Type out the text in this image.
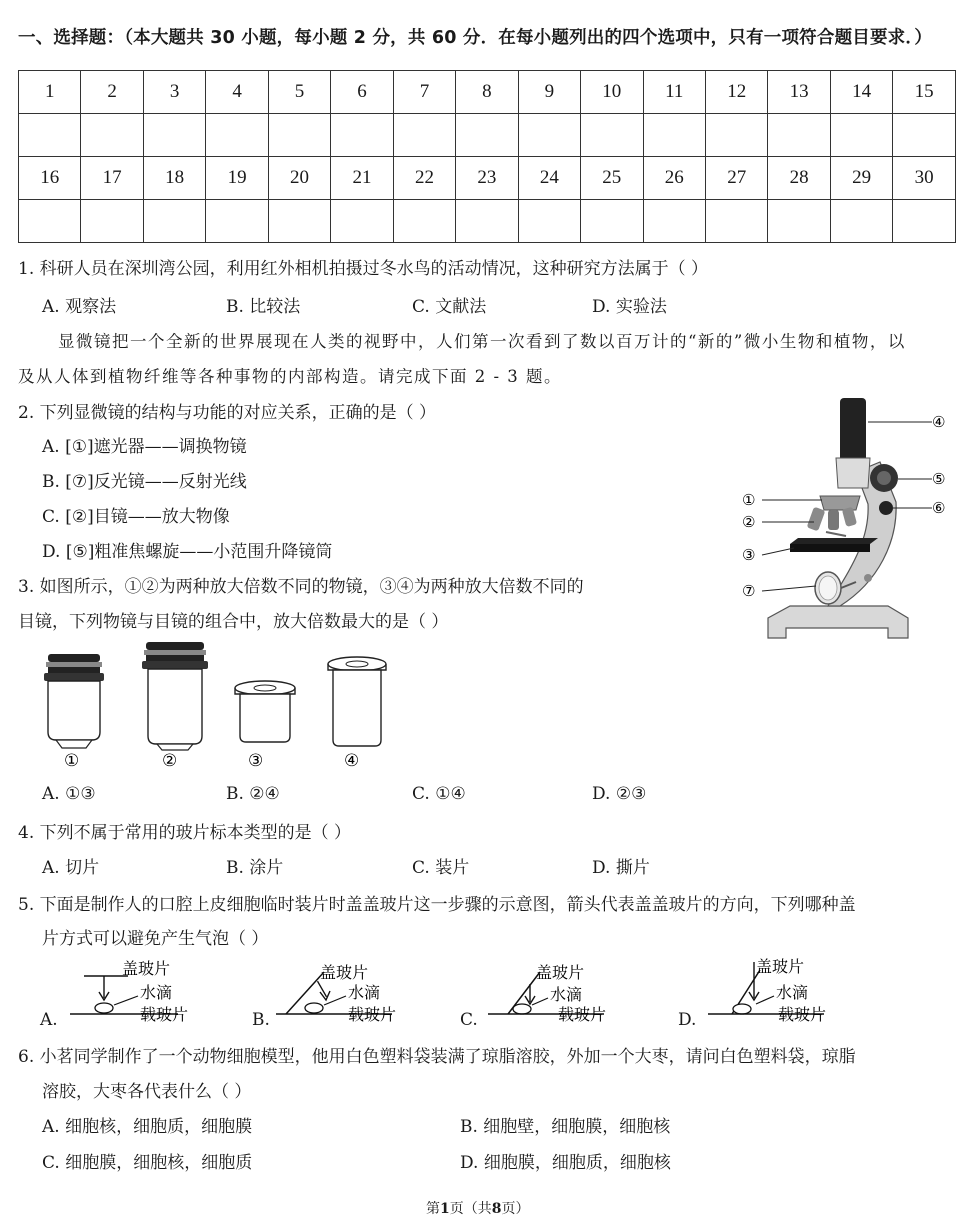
一、选择题：（本大题共 30 小题，每小题 2 分，共 60 分．在每小题列出的四个选项中，只有一项符合题目要求．）
1	2	3	4	5	6	7	8	9	10	11	12	13	14	15

16	17	18	19	20	21	22	23	24	25	26	27	28	29	30

1. 科研人员在深圳湾公园，利用红外相机拍摄过冬水鸟的活动情况，这种研究方法属于（ ）
A. 观察法	B. 比较法	C. 文献法	D. 实验法
显微镜把一个全新的世界展现在人类的视野中，人们第一次看到了数以百万计的“新的”微小生物和植物，以
及从人体到植物纤维等各种事物的内部构造。请完成下面 2 - 3 题。
2. 下列显微镜的结构与功能的对应关系，正确的是（ ）
A. [①]遮光器——调换物镜
B. [⑦]反光镜——反射光线
C. [②]目镜——放大物像
D. [⑤]粗准焦螺旋——小范围升降镜筒
④
⑤
⑥
①
②
③
⑦
3. 如图所示，①②为两种放大倍数不同的物镜，③④为两种放大倍数不同的
目镜，下列物镜与目镜的组合中，放大倍数最大的是（ ）
①	②	③	④
A. ①③	B. ②④	C. ①④	D. ②③
4. 下列不属于常用的玻片标本类型的是（ ）
A. 切片	B. 涂片	C. 装片	D. 撕片
5. 下面是制作人的口腔上皮细胞临时装片时盖盖玻片这一步骤的示意图，箭头代表盖盖玻片的方向，下列哪种盖
片方式可以避免产生气泡（ ）
A.
盖玻片
水滴
载玻片	B.
盖玻片
水滴
载玻片	C.
盖玻片
水滴
载玻片	D.
盖玻片
水滴
载玻片
6. 小茗同学制作了一个动物细胞模型，他用白色塑料袋装满了琼脂溶胶，外加一个大枣，请问白色塑料袋，琼脂
溶胶，大枣各代表什么（ ）
A. 细胞核，细胞质，细胞膜	B. 细胞壁，细胞膜，细胞核
C. 细胞膜，细胞核，细胞质	D. 细胞膜，细胞质，细胞核
第1页（共8页）
